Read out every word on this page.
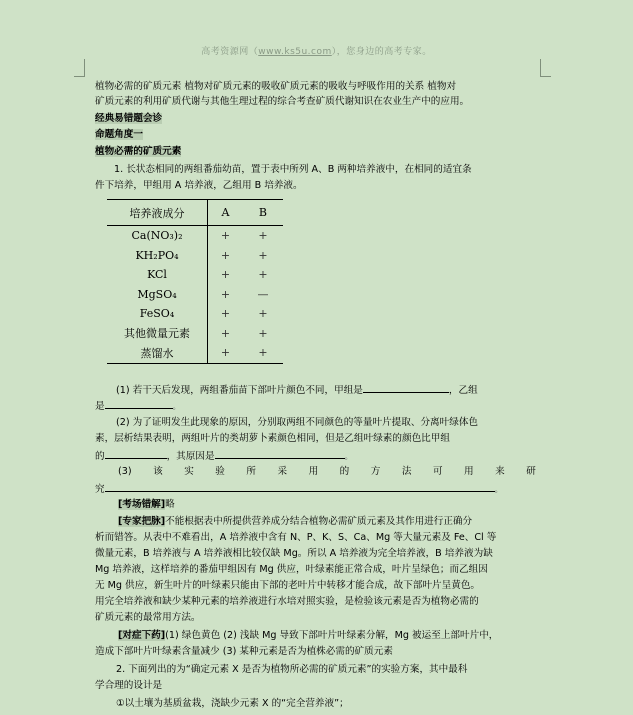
高考资源网（www.ks5u.com），您身边的高考专家。
植物必需的矿质元素 植物对矿质元素的吸收矿质元素的吸收与呼吸作用的关系 植物对
矿质元素的利用矿质代谢与其他生理过程的综合考查矿质代谢知识在农业生产中的应用。
经典易错题会诊
命题角度一
植物必需的矿质元素
1. 长状态相同的两组番茄幼苗，置于表中所列 A、B 两种培养液中，在相同的适宜条
件下培养，甲组用 A 培养液，乙组用 B 培养液。
培养液成分	A	B
Ca(NO₃)₂	+	+
KH₂PO₄	+	+
KCl	+	+
MgSO₄	+	—
FeSO₄	+	+
其他微量元素	+	+
蒸馏水	+	+
(1) 若干天后发现，两组番茄苗下部叶片颜色不同，甲组是	，乙组
是	。
(2) 为了证明发生此现象的原因，分别取两组不同颜色的等量叶片提取、分离叶绿体色
素，层析结果表明，两组叶片的类胡萝卜素颜色相同，但是乙组叶绿素的颜色比甲组
的	，其原因是	。
(3) 该 实 验 所 采 用 的 方 法 可 用 来 研
究	。
[考场错解]略
[专家把脉]不能根据表中所提供营养成分结合植物必需矿质元素及其作用进行正确分
析而错答。从表中不难看出，A 培养液中含有 N、P、K、S、Ca、Mg 等大量元素及 Fe、Cl 等
微量元素，B 培养液与 A 培养液相比较仅缺 Mg。所以 A 培养液为完全培养液，B 培养液为缺
Mg 培养液，这样培养的番茄甲组因有 Mg 供应，叶绿素能正常合成，叶片呈绿色；而乙组因
无 Mg 供应，新生叶片的叶绿素只能由下部的老叶片中转移才能合成，故下部叶片呈黄色。
用完全培养液和缺少某种元素的培养液进行水培对照实验，是检验该元素是否为植物必需的
矿质元素的最常用方法。
[对症下药](1) 绿色黄色 (2) 浅缺 Mg 导致下部叶片叶绿素分解，Mg 被运至上部叶片中，
造成下部叶片叶绿素含量减少 (3) 某种元素是否为植株必需的矿质元素
2. 下面列出的为“确定元素 X 是否为植物所必需的矿质元素”的实验方案，其中最科
学合理的设计是
①以土壤为基质盆栽，浇缺少元素 X 的“完全营养液”；
